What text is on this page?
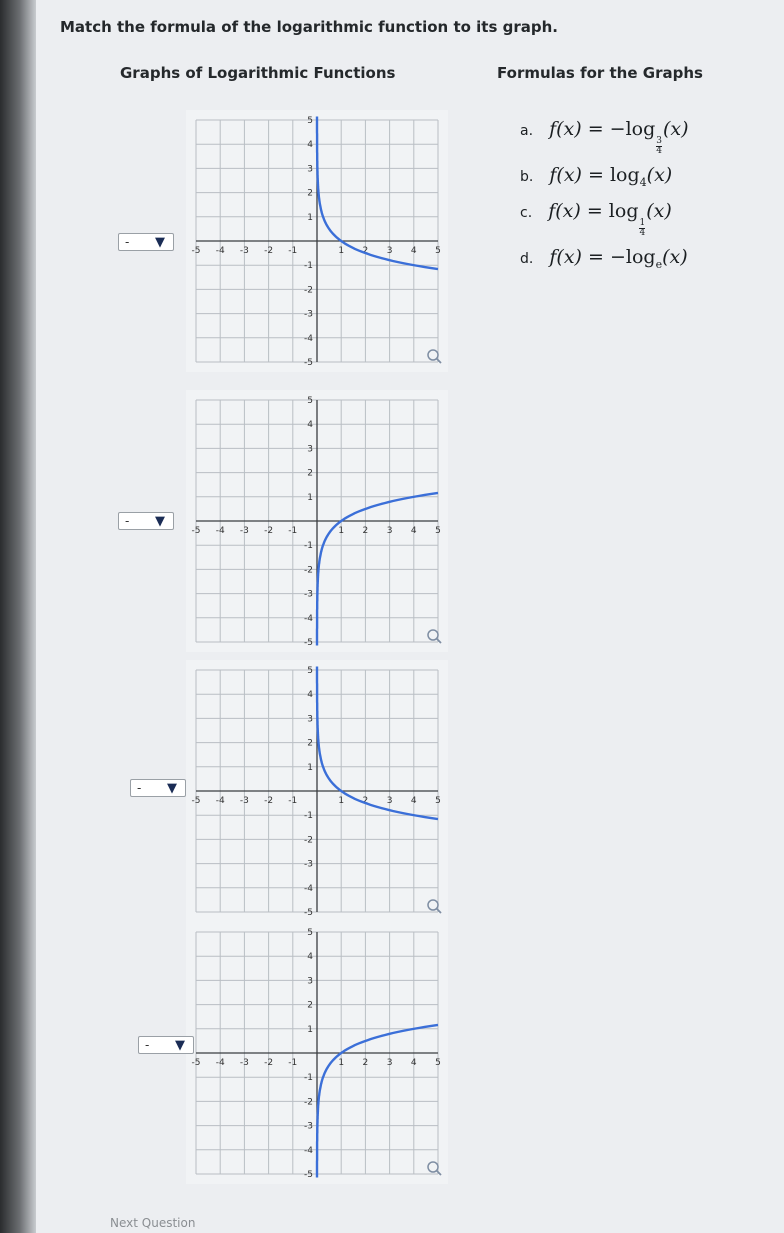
Match the formula of the logarithmic function to its graph.
Graphs of Logarithmic Functions	Formulas for the Graphs
-5 -4 -3 -2 -1	1 2 3 4 5
5
4
3
2
1
-1
-2
-3
-4
-5
- ▼
-5 -4 -3 -2 -1	1 2 3 4 5
5
4
3
2
1
-1
-2
-3
-4
-5
- ▼
-5 -4 -3 -2 -1	1 2 3 4 5
5
4
3
2
1
-1
-2
-3
-4
-5
- ▼
-5 -4 -3 -2 -1	1 2 3 4 5
5
4
3
2
1
-1
-2
-3
-4
-5
- ▼
a. f(x) = −log
$\frac{3}{4}$
(x)
b. $f(x) = \log_4(x)$
c. f(x) = log
$\frac{1}{4}$
(x)
d. $f(x) = -\log_e(x)$
Next Question
